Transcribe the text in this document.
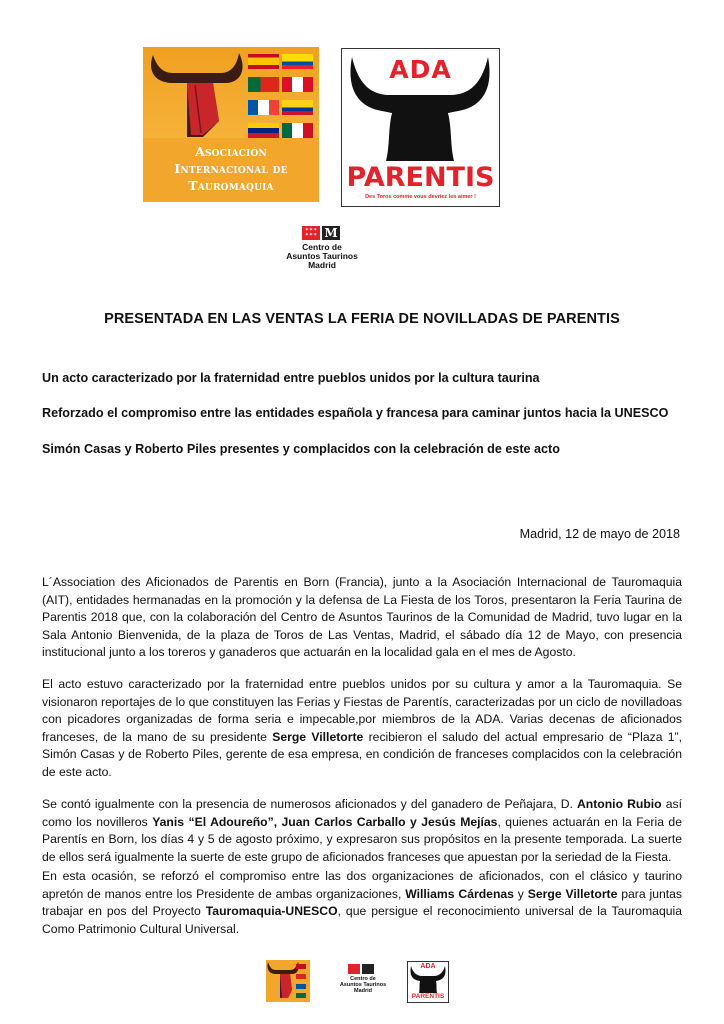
Asociación
Internacional de
Tauromaquia
ADA
PARENTIS
Des Toros comme vous devriez les aimer !
✶✶✶
✶✶✶ M
Centro de
Asuntos Taurinos
Madrid
PRESENTADA EN LAS VENTAS LA FERIA DE NOVILLADAS DE PARENTIS
Un acto caracterizado por la fraternidad entre pueblos unidos por la cultura taurina
Reforzado el compromiso entre las entidades española y francesa para caminar juntos hacia la UNESCO
Simón Casas y Roberto Piles presentes y complacidos con la celebración de este acto
Madrid, 12 de mayo de 2018
L´Association des Aficionados de Parentis en Born (Francia), junto a la Asociación Internacional de Tauromaquia (AIT), entidades hermanadas en la promoción y la defensa de La Fiesta de los Toros, presentaron la Feria Taurina de Parentis 2018 que, con la colaboración del Centro de Asuntos Taurinos de la Comunidad de Madrid, tuvo lugar en la Sala Antonio Bienvenida, de la plaza de Toros de Las Ventas, Madrid, el sábado día 12 de Mayo, con presencia institucional junto a los toreros y ganaderos que actuarán en la localidad gala en el mes de Agosto.
El acto estuvo caracterizado por la fraternidad entre pueblos unidos por su cultura y amor a la Tauromaquia. Se visionaron reportajes de lo que constituyen las Ferias y Fiestas de Parentís, caracterizadas por un ciclo de novilladoas con picadores organizadas de forma seria e impecable,por miembros de la ADA. Varias decenas de aficionados franceses, de la mano de su presidente Serge Villetorte recibieron el saludo del actual empresario de “Plaza 1”, Simón Casas y de Roberto Piles, gerente de esa empresa, en condición de franceses complacidos con la celebración de este acto.
Se contó igualmente con la presencia de numerosos aficionados y del ganadero de Peñajara, D. Antonio Rubio así como los novilleros Yanis “El Adoureño”, Juan Carlos Carballo y Jesús Mejías, quienes actuarán en la Feria de Parentís en Born, los días 4 y 5 de agosto próximo, y expresaron sus propósitos en la presente temporada. La suerte de ellos será igualmente la suerte de este grupo de aficionados franceses que apuestan por la seriedad de la Fiesta.
En esta ocasión, se reforzó el compromiso entre las dos organizaciones de aficionados, con el clásico y taurino apretón de manos entre los Presidente de ambas organizaciones, Williams Cárdenas y Serge Villetorte para juntas trabajar en pos del Proyecto Tauromaquia-UNESCO, que persigue el reconocimiento universal de la Tauromaquia Como Patrimonio Cultural Universal.
Centro de
Asuntos Taurinos
Madrid
ADA
PARENTIS
